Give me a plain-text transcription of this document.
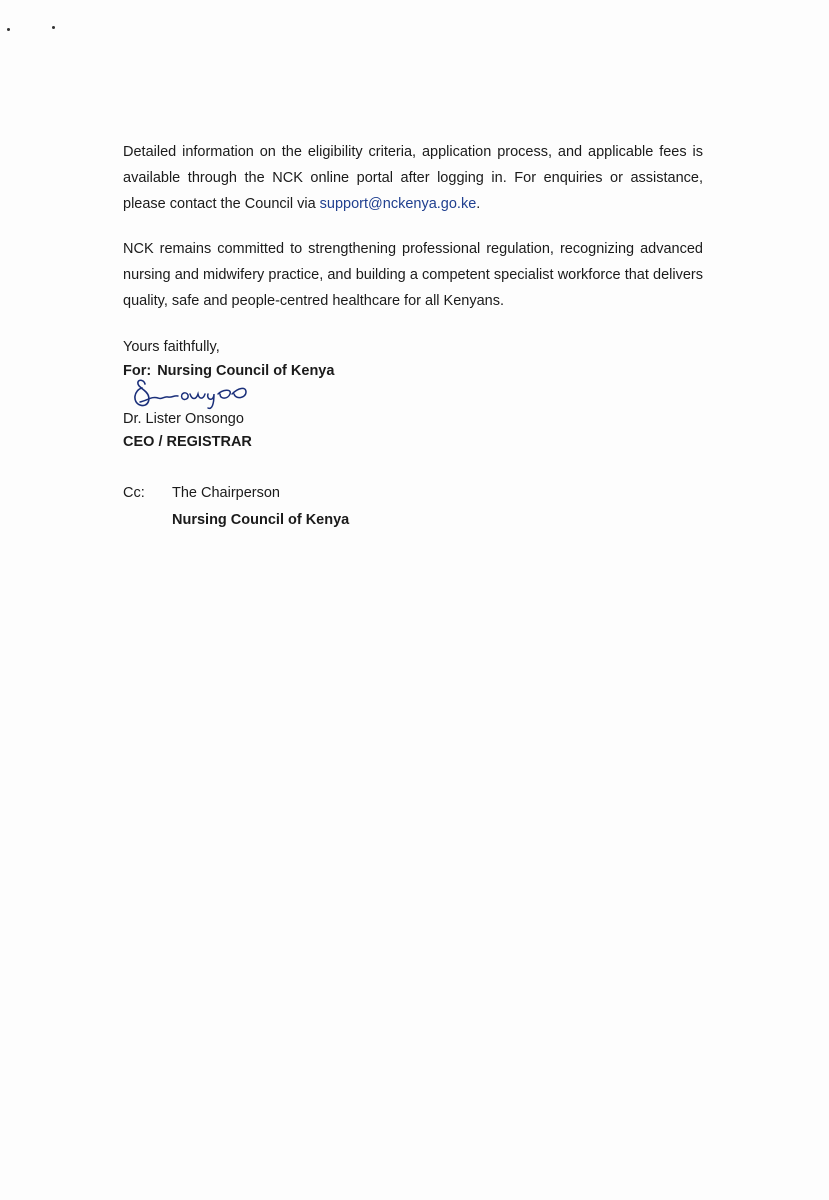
Detailed information on the eligibility criteria, application process, and applicable fees is available through the NCK online portal after logging in. For enquiries or assistance, please contact the Council via support@nckenya.go.ke.
NCK remains committed to strengthening professional regulation, recognizing advanced nursing and midwifery practice, and building a competent specialist workforce that delivers quality, safe and people-centred healthcare for all Kenyans.
Yours faithfully,
For: Nursing Council of Kenya
Dr. Lister Onsongo
CEO / REGISTRAR
Cc: The Chairperson
Nursing Council of Kenya
